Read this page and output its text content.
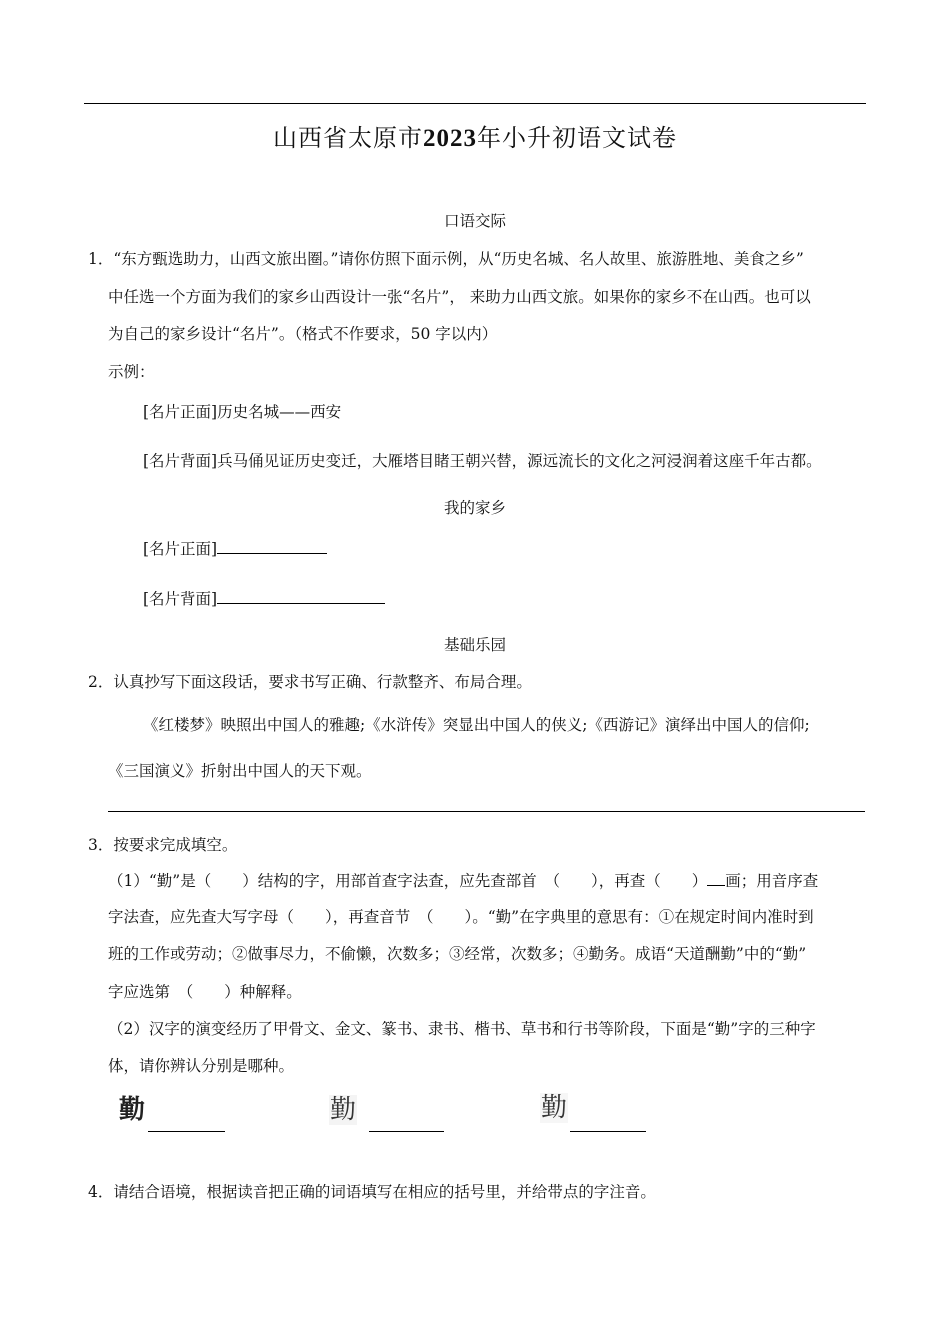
山西省太原市2023年小升初语文试卷
口语交际
1．“东方甄选助力，山西文旅出圈。”请你仿照下面示例，从“历史名城、名人故里、旅游胜地、美食之乡”
中任选一个方面为我们的家乡山西设计一张“名片”， 来助力山西文旅。如果你的家乡不在山西。也可以
为自己的家乡设计“名片”。（格式不作要求，50 字以内）
示例：
[名片正面]历史名城——西安
[名片背面]兵马俑见证历史变迁，大雁塔目睹王朝兴替，源远流长的文化之河浸润着这座千年古都。
我的家乡
[名片正面]
[名片背面]
基础乐园
2．认真抄写下面这段话，要求书写正确、行款整齐、布局合理。
《红楼梦》映照出中国人的雅趣;《水浒传》突显出中国人的侠义;《西游记》演绎出中国人的信仰;
《三国演义》折射出中国人的天下观。
3．按要求完成填空。
（1）“勤”是（　　）结构的字，用部首查字法查，应先查部首　（　　），再查（　　） 画；用音序查
字法查，应先查大写字母（　　），再查音节　（　　）。“勤”在字典里的意思有：①在规定时间内准时到
班的工作或劳动；②做事尽力，不偷懒，次数多；③经常，次数多；④勤务。成语“天道酬勤”中的“勤”
字应选第　（　　）种解释。
（2）汉字的演变经历了甲骨文、金文、篆书、隶书、楷书、草书和行书等阶段，下面是“勤”字的三种字
体，请你辨认分别是哪种。
勤	勤	勤
4．请结合语境，根据读音把正确的词语填写在相应的括号里，并给带点的字注音。
